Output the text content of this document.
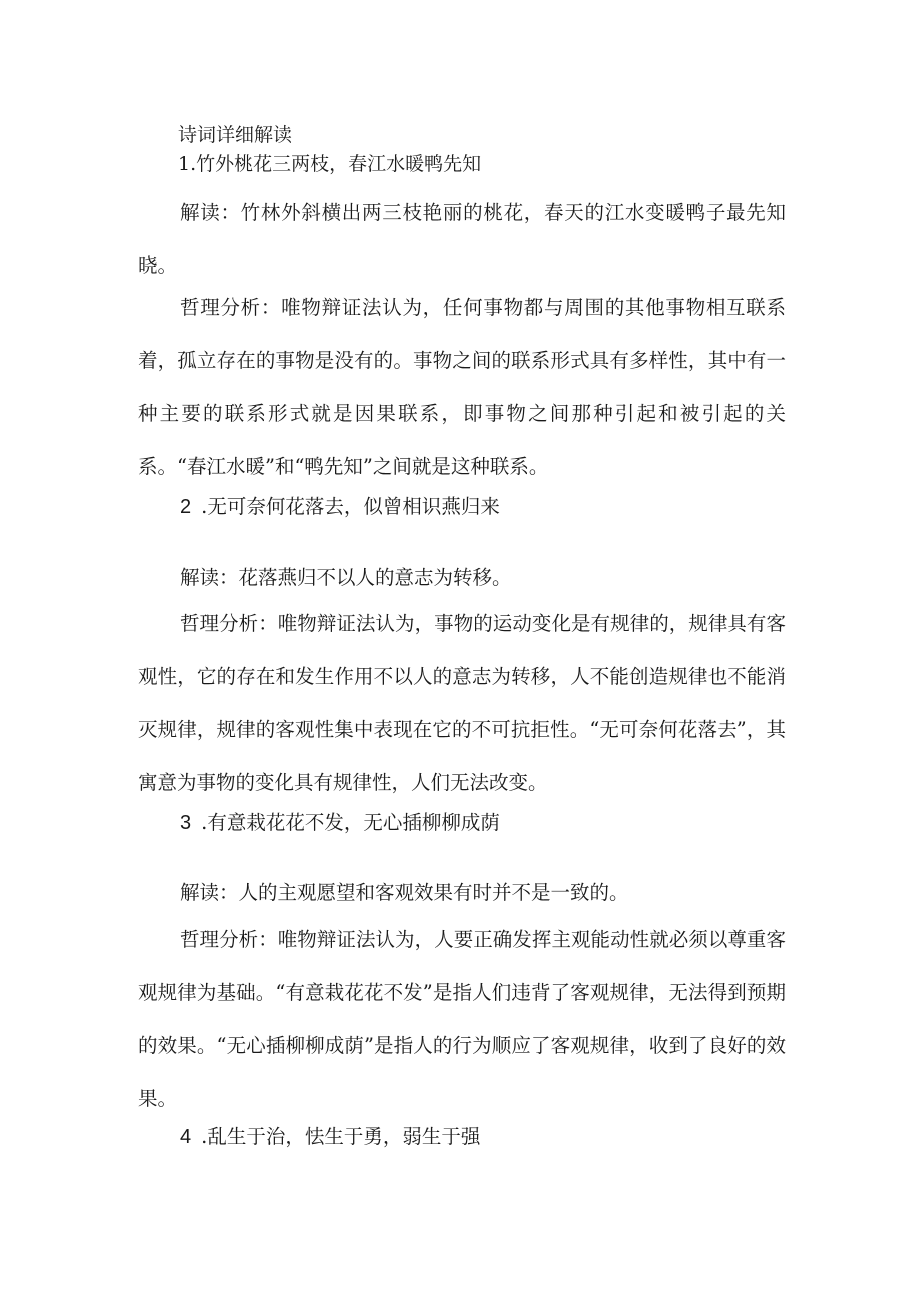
诗词详细解读
1.竹外桃花三两枝，春江水暖鸭先知

解读：竹林外斜横出两三枝艳丽的桃花，春天的江水变暖鸭子最先知晓。

哲理分析：唯物辩证法认为，任何事物都与周围的其他事物相互联系着，孤立存在的事物是没有的。事物之间的联系形式具有多样性，其中有一种主要的联系形式就是因果联系，即事物之间那种引起和被引起的关系。“春江水暖”和“鸭先知”之间就是这种联系。

2 .无可奈何花落去，似曾相识燕归来

解读：花落燕归不以人的意志为转移。

哲理分析：唯物辩证法认为，事物的运动变化是有规律的，规律具有客观性，它的存在和发生作用不以人的意志为转移，人不能创造规律也不能消灭规律，规律的客观性集中表现在它的不可抗拒性。“无可奈何花落去”，其寓意为事物的变化具有规律性，人们无法改变。

3 .有意栽花花不发，无心插柳柳成荫

解读：人的主观愿望和客观效果有时并不是一致的。

哲理分析：唯物辩证法认为，人要正确发挥主观能动性就必须以尊重客观规律为基础。“有意栽花花不发”是指人们违背了客观规律，无法得到预期的效果。“无心插柳柳成荫”是指人的行为顺应了客观规律，收到了良好的效果。

4 .乱生于治，怯生于勇，弱生于强
